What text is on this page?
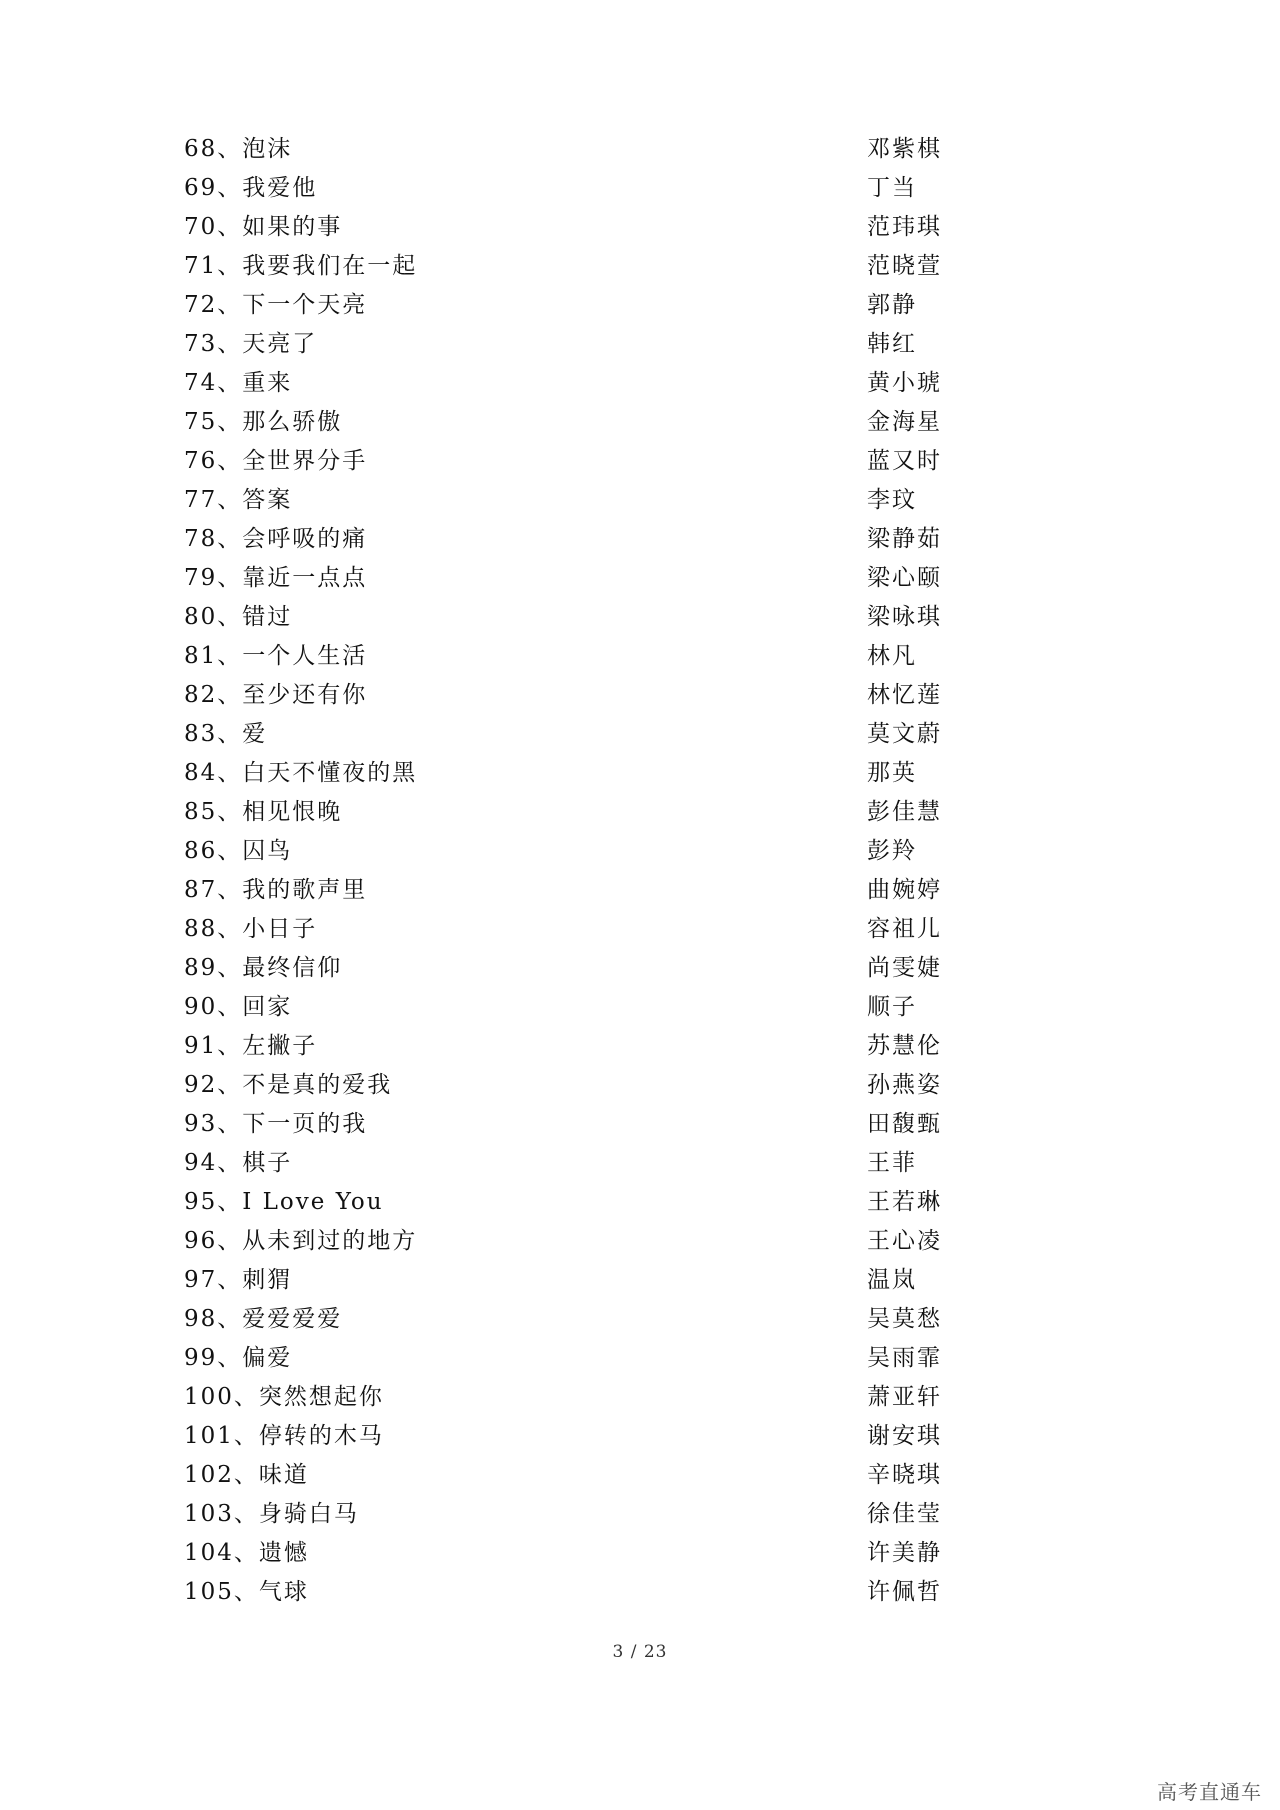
68、泡沫	邓紫棋
69、我爱他	丁当
70、如果的事	范玮琪
71、我要我们在一起	范晓萱
72、下一个天亮	郭静
73、天亮了	韩红
74、重来	黄小琥
75、那么骄傲	金海星
76、全世界分手	蓝又时
77、答案	李玟
78、会呼吸的痛	梁静茹
79、靠近一点点	梁心颐
80、错过	梁咏琪
81、一个人生活	林凡
82、至少还有你	林忆莲
83、爱	莫文蔚
84、白天不懂夜的黑	那英
85、相见恨晚	彭佳慧
86、囚鸟	彭羚
87、我的歌声里	曲婉婷
88、小日子	容祖儿
89、最终信仰	尚雯婕
90、回家	顺子
91、左撇子	苏慧伦
92、不是真的爱我	孙燕姿
93、下一页的我	田馥甄
94、棋子	王菲
95、I Love You	王若琳
96、从未到过的地方	王心凌
97、刺猬	温岚
98、爱爱爱爱	吴莫愁
99、偏爱	吴雨霏
100、突然想起你	萧亚轩
101、停转的木马	谢安琪
102、味道	辛晓琪
103、身骑白马	徐佳莹
104、遗憾	许美静
105、气球	许佩哲
3 / 23
高考直通车
